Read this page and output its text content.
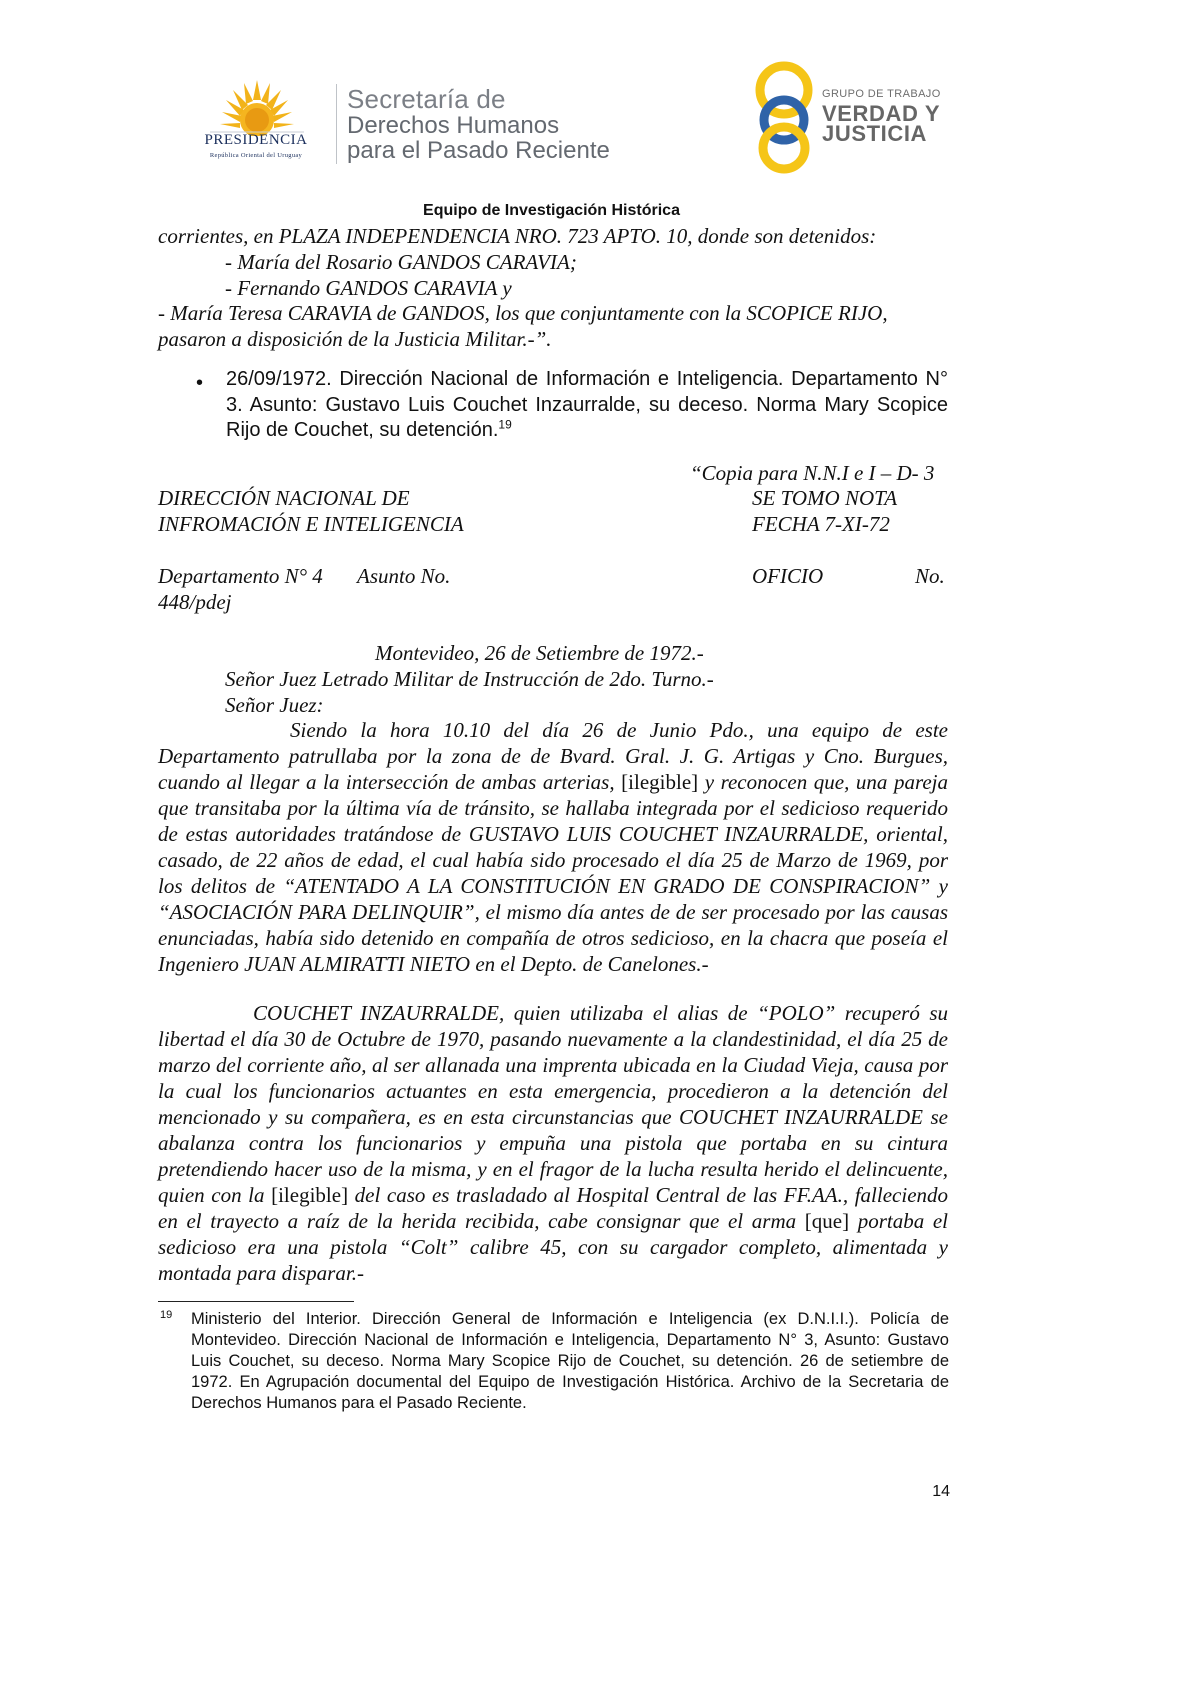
PRESIDENCIA
República Oriental del Uruguay
Secretaría de
Derechos Humanos
para el Pasado Reciente
GRUPO DE TRABAJO
VERDAD Y
JUSTICIA
Equipo de Investigación Histórica
corrientes, en PLAZA INDEPENDENCIA NRO. 723 APTO. 10, donde son detenidos:
- María del Rosario GANDOS CARAVIA;
- Fernando GANDOS CARAVIA y
- María Teresa CARAVIA de GANDOS, los que conjuntamente con la SCOPICE RIJO,
pasaron a disposición de la Justicia Militar.-”.
• 26/09/1972. Dirección Nacional de Información e Inteligencia. Departamento N° 3. Asunto: Gustavo Luis Couchet Inzaurralde, su deceso. Norma Mary Scopice Rijo de Couchet, su detención.$^{19}$
“Copia para N.N.I e I – D- 3
DIRECCIÓN NACIONAL DE	SE TOMO NOTA
INFROMACIÓN E INTELIGENCIA	FECHA 7-XI-72
Departamento N° 4 Asunto No.	OFICIO	No.
448/pdej
Montevideo, 26 de Setiembre de 1972.-
Señor Juez Letrado Militar de Instrucción de 2do. Turno.-
Señor Juez:
Siendo la hora 10.10 del día 26 de Junio Pdo., una equipo de este Departamento patrullaba por la zona de de Bvard. Gral. J. G. Artigas y Cno. Burgues, cuando al llegar a la intersección de ambas arterias, [ilegible] y reconocen que, una pareja que transitaba por la última vía de tránsito, se hallaba integrada por el sedicioso requerido de estas autoridades tratándose de GUSTAVO LUIS COUCHET INZAURRALDE, oriental, casado, de 22 años de edad, el cual había sido procesado el día 25 de Marzo de 1969, por los delitos de “ATENTADO A LA CONSTITUCIÓN EN GRADO DE CONSPIRACION” y “ASOCIACIÓN PARA DELINQUIR”, el mismo día antes de de ser procesado por las causas enunciadas, había sido detenido en compañía de otros sedicioso, en la chacra que poseía el Ingeniero JUAN ALMIRATTI NIETO en el Depto. de Canelones.-
COUCHET INZAURRALDE, quien utilizaba el alias de “POLO” recuperó su libertad el día 30 de Octubre de 1970, pasando nuevamente a la clandestinidad, el día 25 de marzo del corriente año, al ser allanada una imprenta ubicada en la Ciudad Vieja, causa por la cual los funcionarios actuantes en esta emergencia, procedieron a la detención del mencionado y su compañera, es en esta circunstancias que COUCHET INZAURRALDE se abalanza contra los funcionarios y empuña una pistola que portaba en su cintura pretendiendo hacer uso de la misma, y en el fragor de la lucha resulta herido el delincuente, quien con la [ilegible] del caso es trasladado al Hospital Central de las FF.AA., falleciendo en el trayecto a raíz de la herida recibida, cabe consignar que el arma [que] portaba el sedicioso era una pistola “Colt” calibre 45, con su cargador completo, alimentada y montada para disparar.-
19 Ministerio del Interior. Dirección General de Información e Inteligencia (ex D.N.I.I.). Policía de Montevideo. Dirección Nacional de Información e Inteligencia, Departamento N° 3, Asunto: Gustavo Luis Couchet, su deceso. Norma Mary Scopice Rijo de Couchet, su detención. 26 de setiembre de 1972. En Agrupación documental del Equipo de Investigación Histórica. Archivo de la Secretaria de Derechos Humanos para el Pasado Reciente.
14
